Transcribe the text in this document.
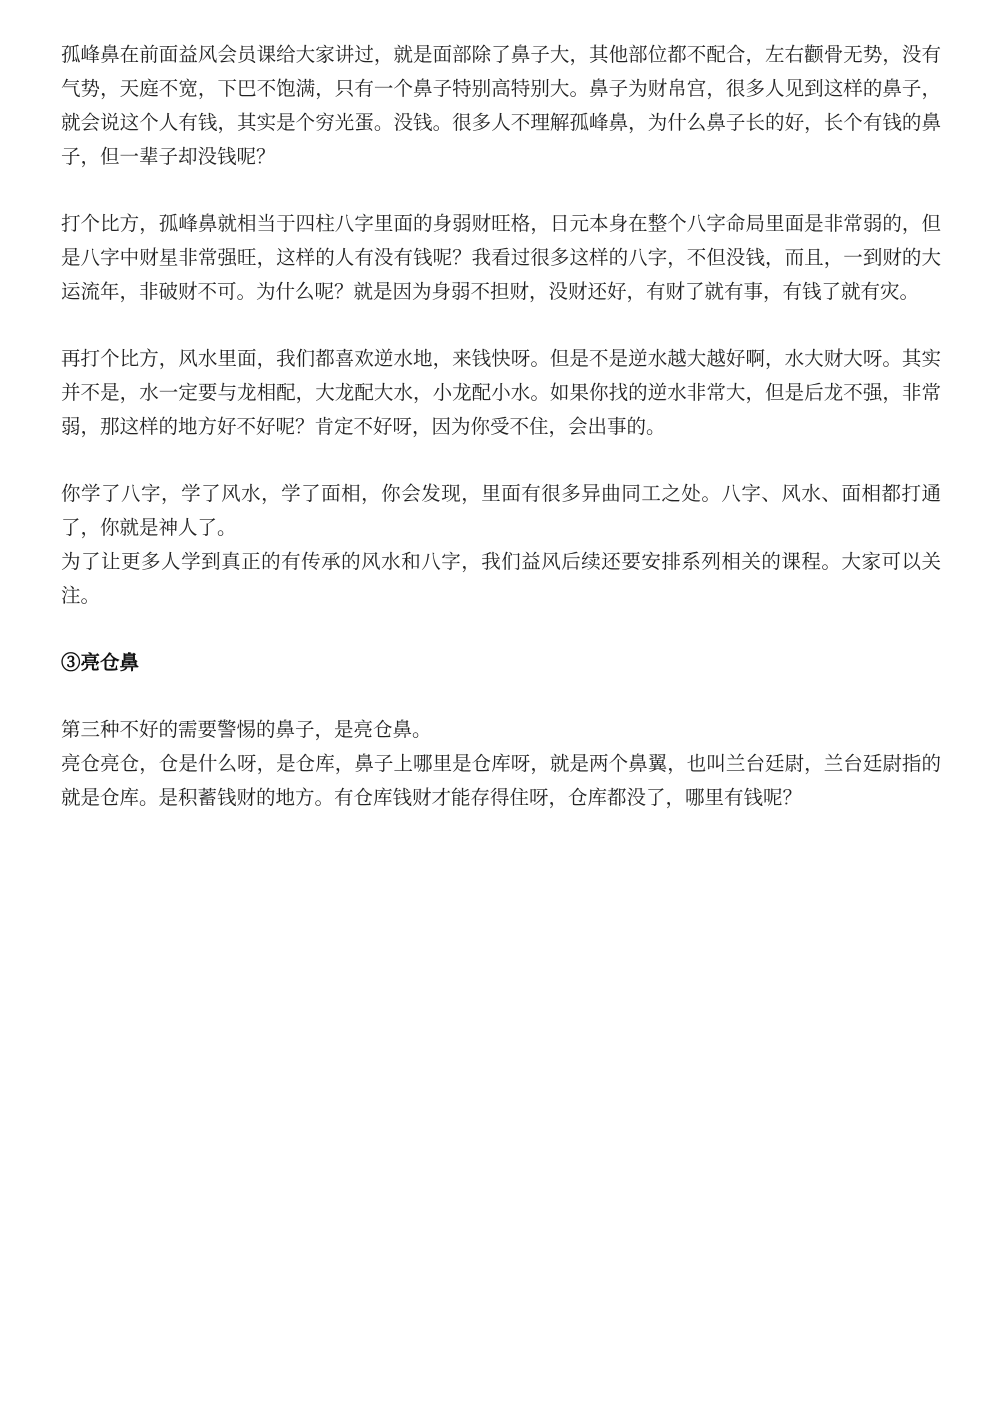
孤峰鼻在前面益风会员课给大家讲过，就是面部除了鼻子大，其他部位都不配合，左右颧骨无势，没有气势，天庭不宽，下巴不饱满，只有一个鼻子特别高特别大。鼻子为财帛宫，很多人见到这样的鼻子，就会说这个人有钱，其实是个穷光蛋。没钱。很多人不理解孤峰鼻，为什么鼻子长的好，长个有钱的鼻子，但一辈子却没钱呢？

打个比方，孤峰鼻就相当于四柱八字里面的身弱财旺格，日元本身在整个八字命局里面是非常弱的，但是八字中财星非常强旺，这样的人有没有钱呢？我看过很多这样的八字，不但没钱，而且，一到财的大运流年，非破财不可。为什么呢？就是因为身弱不担财，没财还好，有财了就有事，有钱了就有灾。

再打个比方，风水里面，我们都喜欢逆水地，来钱快呀。但是不是逆水越大越好啊，水大财大呀。其实并不是，水一定要与龙相配，大龙配大水，小龙配小水。如果你找的逆水非常大，但是后龙不强，非常弱，那这样的地方好不好呢？肯定不好呀，因为你受不住，会出事的。

你学了八字，学了风水，学了面相，你会发现，里面有很多异曲同工之处。八字、风水、面相都打通了，你就是神人了。

为了让更多人学到真正的有传承的风水和八字，我们益风后续还要安排系列相关的课程。大家可以关注。

③亮仓鼻

第三种不好的需要警惕的鼻子，是亮仓鼻。

亮仓亮仓，仓是什么呀，是仓库，鼻子上哪里是仓库呀，就是两个鼻翼，也叫兰台廷尉，兰台廷尉指的就是仓库。是积蓄钱财的地方。有仓库钱财才能存得住呀，仓库都没了，哪里有钱呢？
